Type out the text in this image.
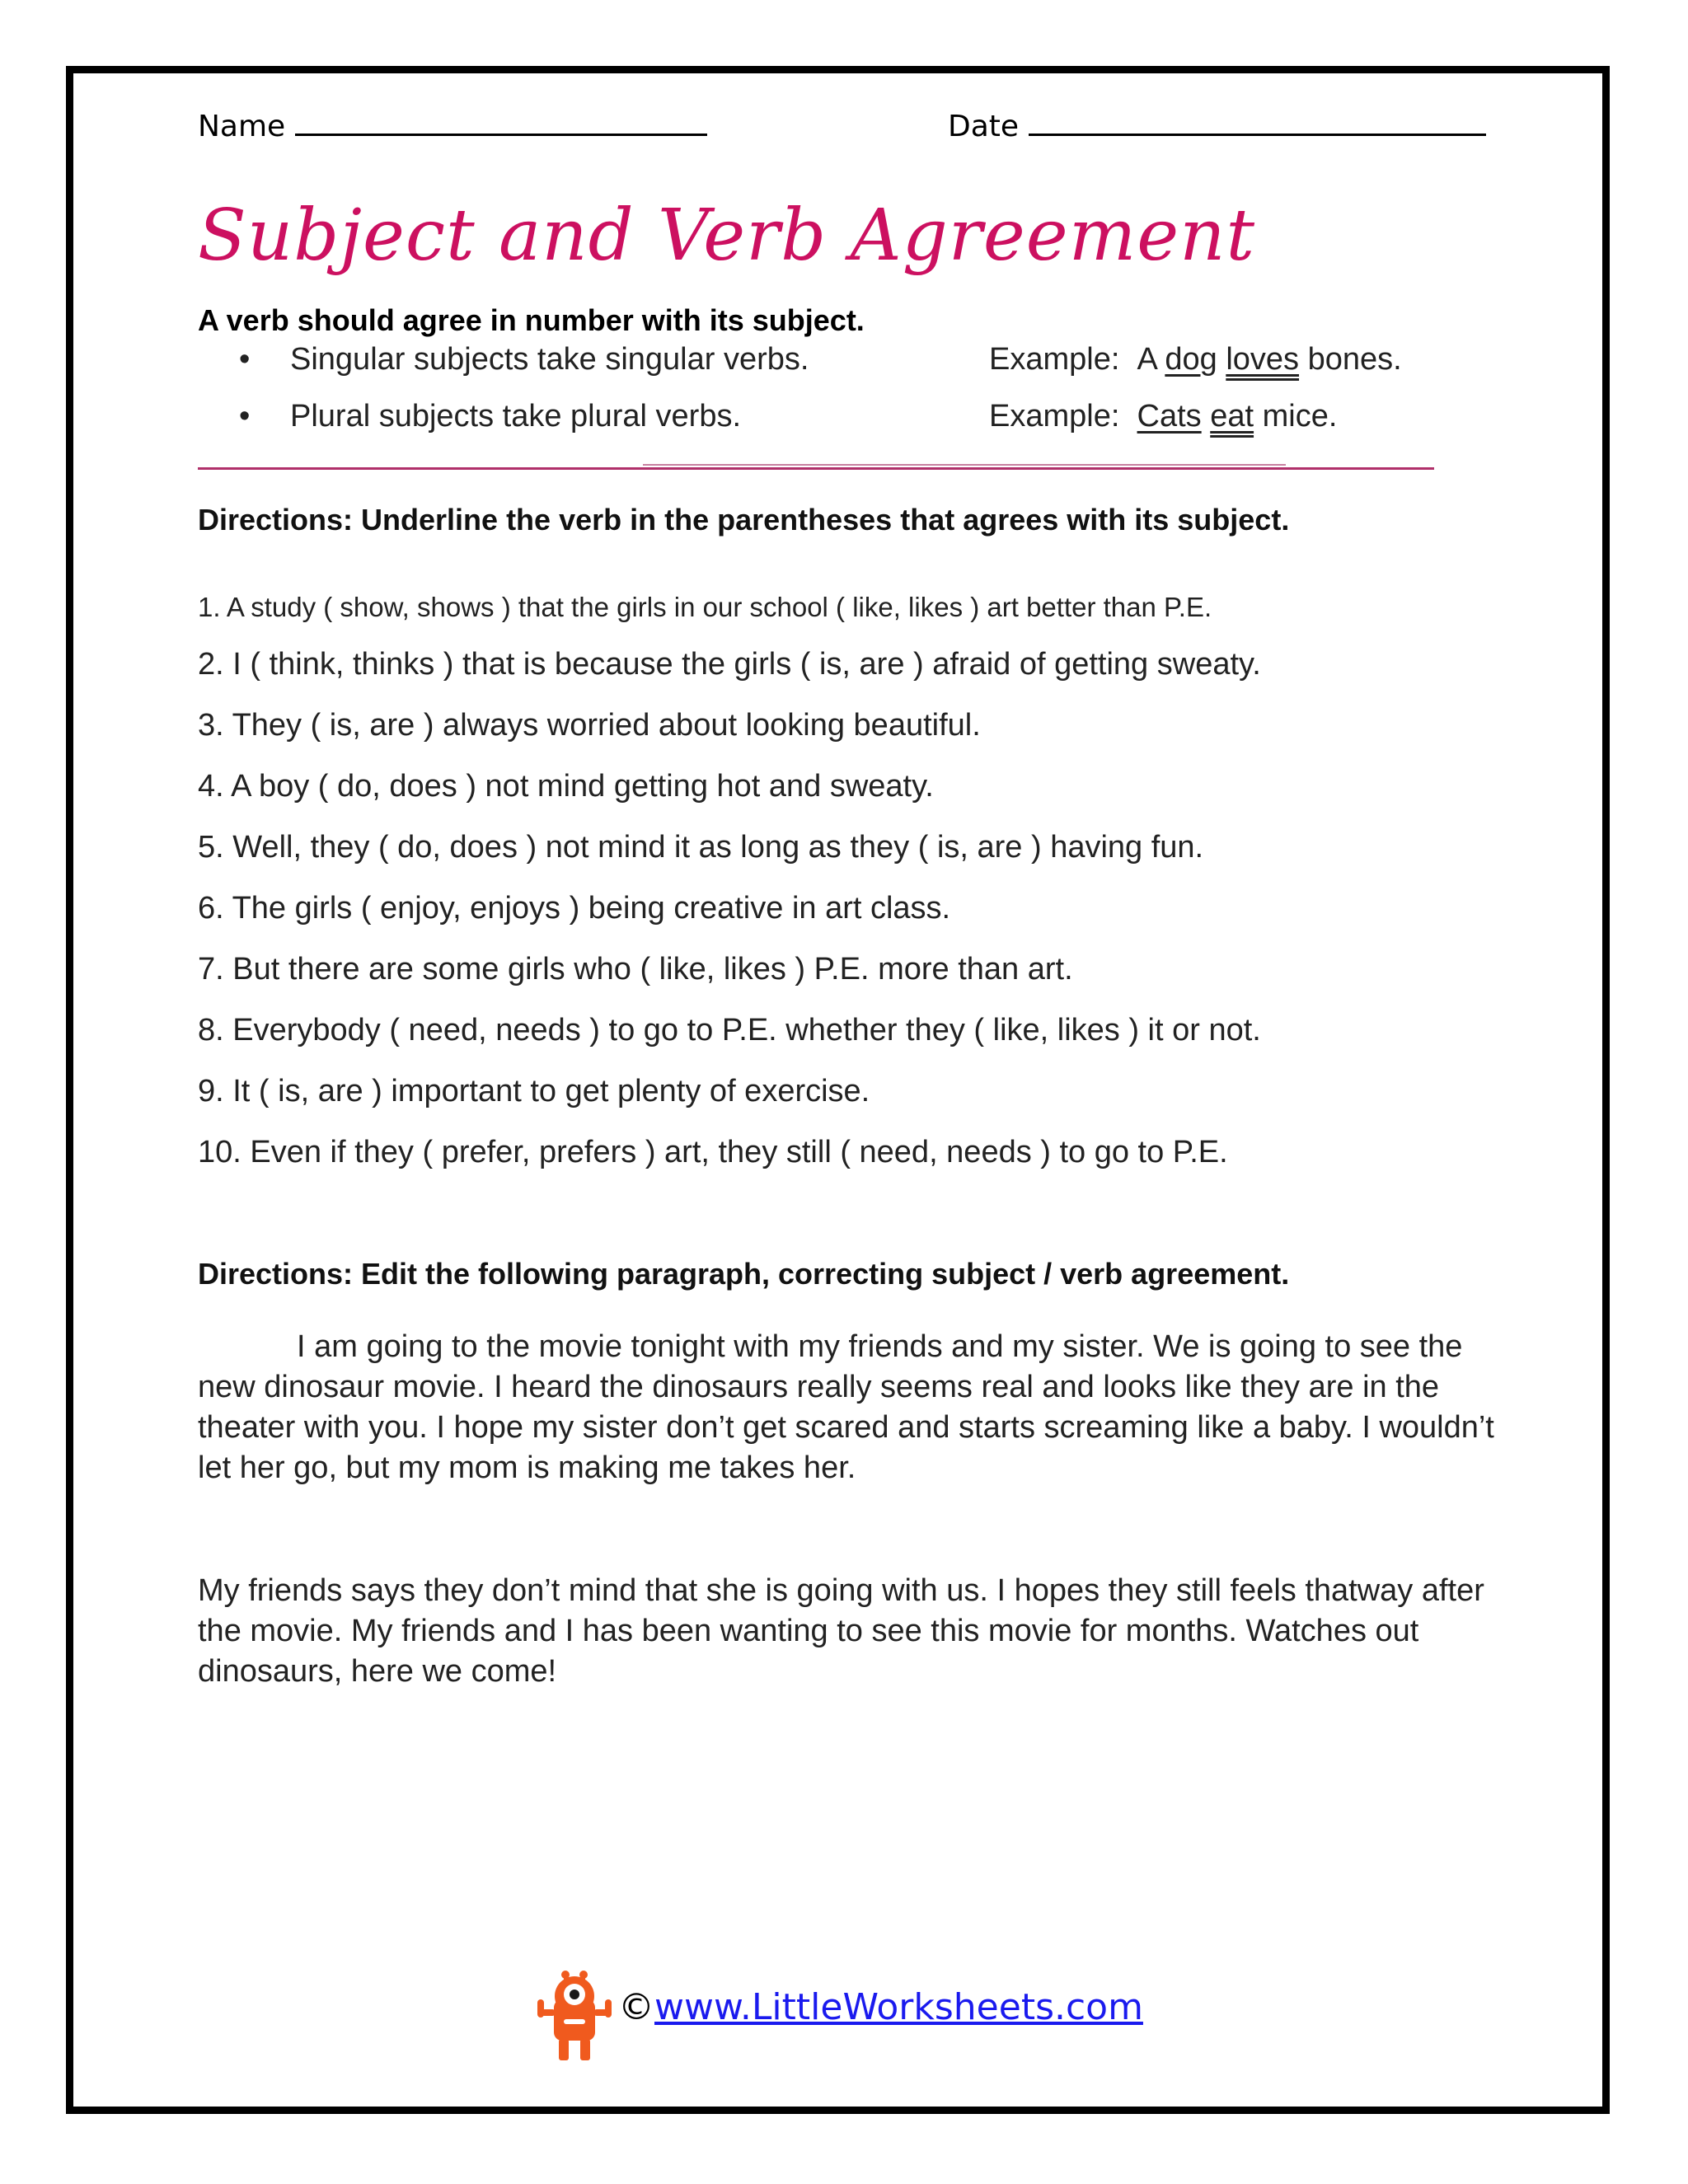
Name	Date
Subject and Verb Agreement
A verb should agree in number with its subject.
• Singular subjects take singular verbs.	Example: A dog loves bones.
• Plural subjects take plural verbs.	Example: Cats eat mice.
Directions: Underline the verb in the parentheses that agrees with its subject.
1. A study ( show, shows ) that the girls in our school ( like, likes ) art better than P.E.
2. I ( think, thinks ) that is because the girls ( is, are ) afraid of getting sweaty.
3. They ( is, are ) always worried about looking beautiful.
4. A boy ( do, does ) not mind getting hot and sweaty.
5. Well, they ( do, does ) not mind it as long as they ( is, are ) having fun.
6. The girls ( enjoy, enjoys ) being creative in art class.
7. But there are some girls who ( like, likes ) P.E. more than art.
8. Everybody ( need, needs ) to go to P.E. whether they ( like, likes ) it or not.
9. It ( is, are ) important to get plenty of exercise.
10. Even if they ( prefer, prefers ) art, they still ( need, needs ) to go to P.E.
Directions: Edit the following paragraph, correcting subject / verb agreement.
I am going to the movie tonight with my friends and my sister. We is going to see the new dinosaur movie. I heard the dinosaurs really seems real and looks like they are in the theater with you. I hope my sister don’t get scared and starts screaming like a baby. I wouldn’t let her go, but my mom is making me takes her.
My friends says they don’t mind that she is going with us. I hopes they still feels thatway after the movie. My friends and I has been wanting to see this movie for months. Watches out dinosaurs, here we come!
©www.LittleWorksheets.com
